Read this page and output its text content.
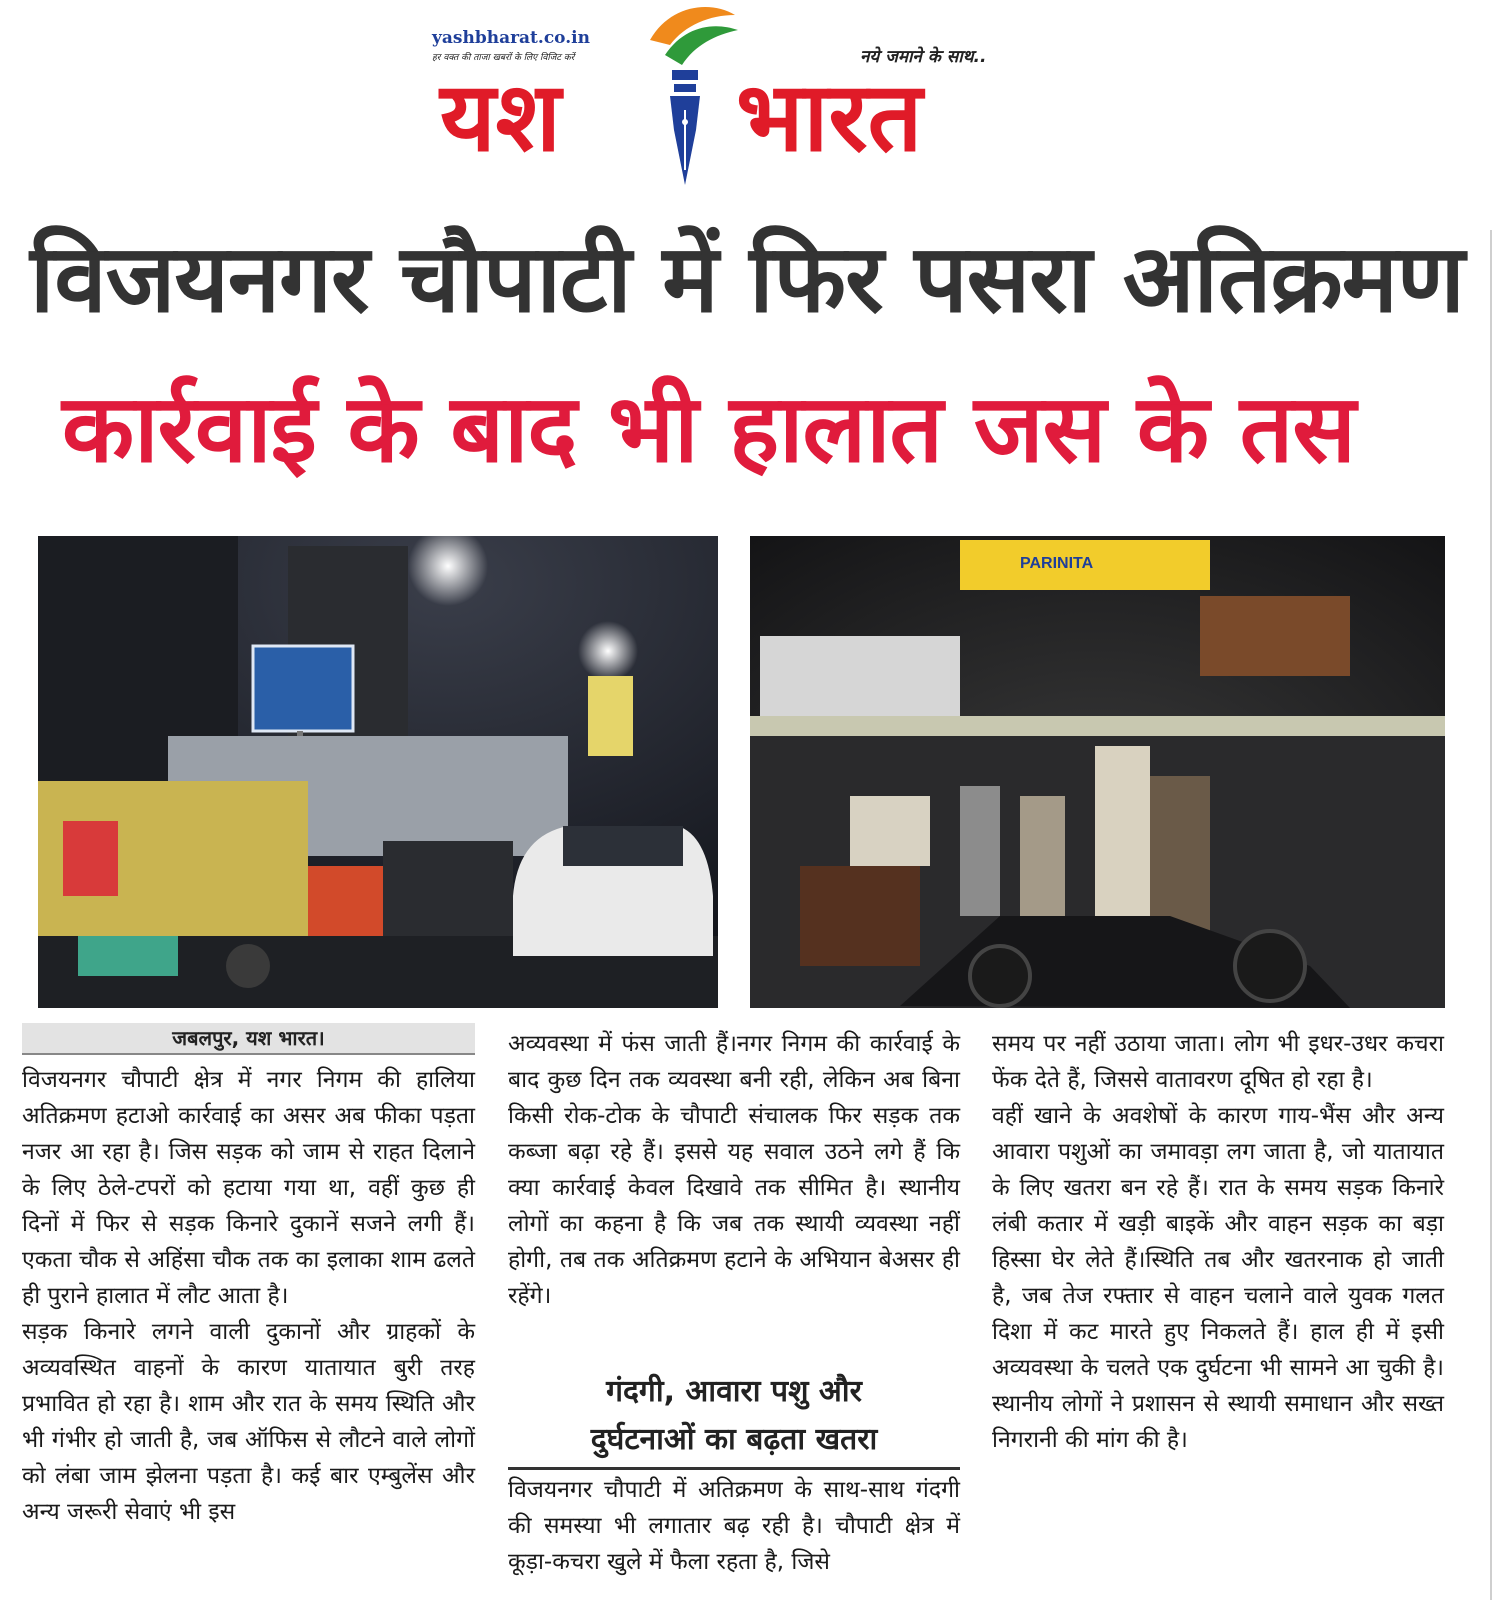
yashbharat.co.in
हर वक्त की ताजा खबरों के लिए विजिट करें	नये जमाने के साथ..
यश भारत
विजयनगर चौपाटी में फिर पसरा अतिक्रमण
कार्रवाई के बाद भी हालात जस के तस
PARINITA
जबलपुर, यश भारत।

विजयनगर चौपाटी क्षेत्र में नगर निगम की हालिया अतिक्रमण हटाओ कार्रवाई का असर अब फीका पड़ता नजर आ रहा है। जिस सड़क को जाम से राहत दिलाने के लिए ठेले-टपरों को हटाया गया था, वहीं कुछ ही दिनों में फिर से सड़क किनारे दुकानें सजने लगी हैं। एकता चौक से अहिंसा चौक तक का इलाका शाम ढलते ही पुराने हालात में लौट आता है।

सड़क किनारे लगने वाली दुकानों और ग्राहकों के अव्यवस्थित वाहनों के कारण यातायात बुरी तरह प्रभावित हो रहा है। शाम और रात के समय स्थिति और भी गंभीर हो जाती है, जब ऑफिस से लौटने वाले लोगों को लंबा जाम झेलना पड़ता है। कई बार एम्बुलेंस और अन्य जरूरी सेवाएं भी इस

अव्यवस्था में फंस जाती हैं।नगर निगम की कार्रवाई के बाद कुछ दिन तक व्यवस्था बनी रही, लेकिन अब बिना किसी रोक-टोक के चौपाटी संचालक फिर सड़क तक कब्जा बढ़ा रहे हैं। इससे यह सवाल उठने लगे हैं कि क्या कार्रवाई केवल दिखावे तक सीमित है। स्थानीय लोगों का कहना है कि जब तक स्थायी व्यवस्था नहीं होगी, तब तक अतिक्रमण हटाने के अभियान बेअसर ही रहेंगे।

गंदगी, आवारा पशु और
दुर्घटनाओं का बढ़ता खतरा

विजयनगर चौपाटी में अतिक्रमण के साथ-साथ गंदगी की समस्या भी लगातार बढ़ रही है। चौपाटी क्षेत्र में कूड़ा-कचरा खुले में फैला रहता है, जिसे

समय पर नहीं उठाया जाता। लोग भी इधर-उधर कचरा फेंक देते हैं, जिससे वातावरण दूषित हो रहा है।

वहीं खाने के अवशेषों के कारण गाय-भैंस और अन्य आवारा पशुओं का जमावड़ा लग जाता है, जो यातायात के लिए खतरा बन रहे हैं। रात के समय सड़क किनारे लंबी कतार में खड़ी बाइकें और वाहन सड़क का बड़ा हिस्सा घेर लेते हैं।स्थिति तब और खतरनाक हो जाती है, जब तेज रफ्तार से वाहन चलाने वाले युवक गलत दिशा में कट मारते हुए निकलते हैं। हाल ही में इसी अव्यवस्था के चलते एक दुर्घटना भी सामने आ चुकी है। स्थानीय लोगों ने प्रशासन से स्थायी समाधान और सख्त निगरानी की मांग की है।
